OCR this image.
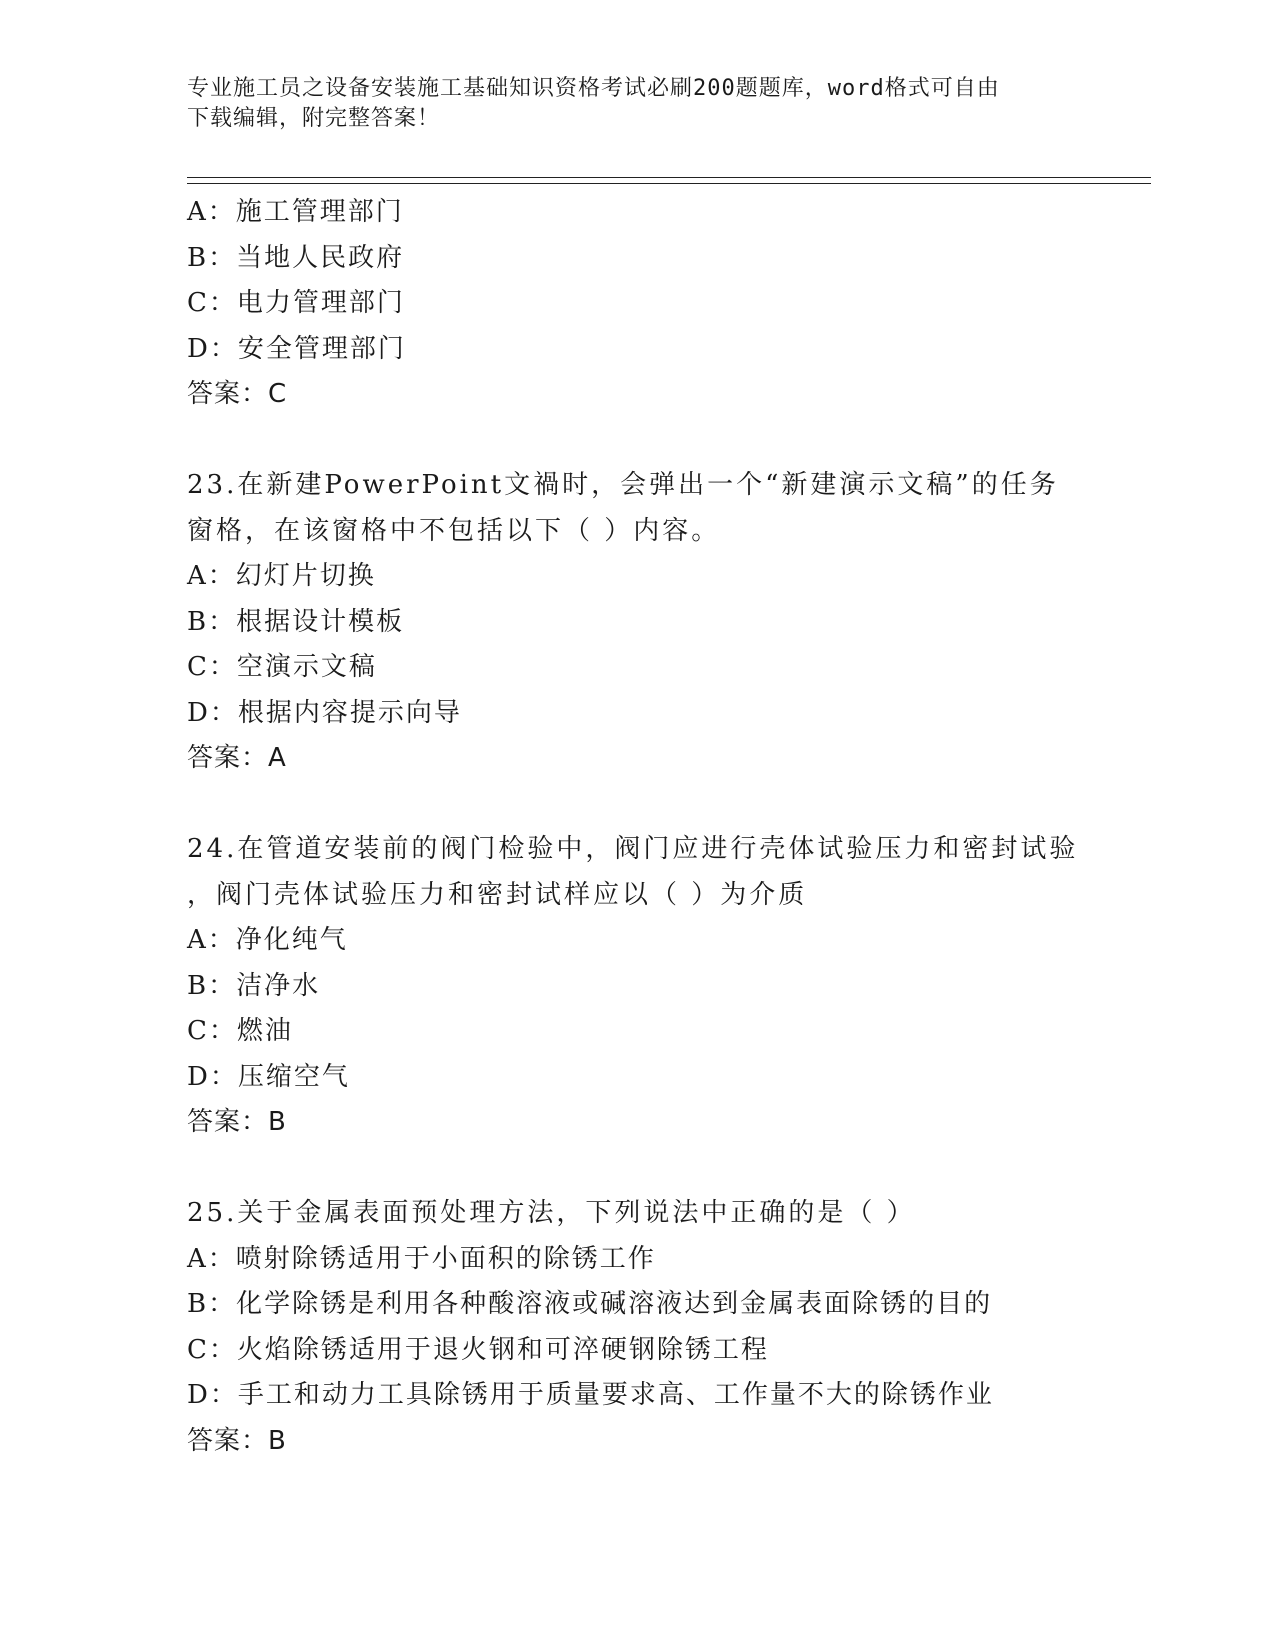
专业施工员之设备安装施工基础知识资格考试必刷200题题库，word格式可自由
下载编辑，附完整答案！
A：施工管理部门
B：当地人民政府
C：电力管理部门
D：安全管理部门
答案：C
23.在新建PowerPoint文禍时，会弹出一个“新建演示文稿”的任务
窗格，在该窗格中不包括以下（ ）内容。
A：幻灯片切换
B：根据设计模板
C：空演示文稿
D：根据内容提示向导
答案：A
24.在管道安装前的阀门检验中，阀门应进行壳体试验压力和密封试验
，阀门壳体试验压力和密封试样应以（ ）为介质
A：净化纯气
B：洁净水
C：燃油
D：压缩空气
答案：B
25.关于金属表面预处理方法，下列说法中正确的是（ ）
A：喷射除锈适用于小面积的除锈工作
B：化学除锈是利用各种酸溶液或碱溶液达到金属表面除锈的目的
C：火焰除锈适用于退火钢和可淬硬钢除锈工程
D：手工和动力工具除锈用于质量要求高、工作量不大的除锈作业
答案：B
